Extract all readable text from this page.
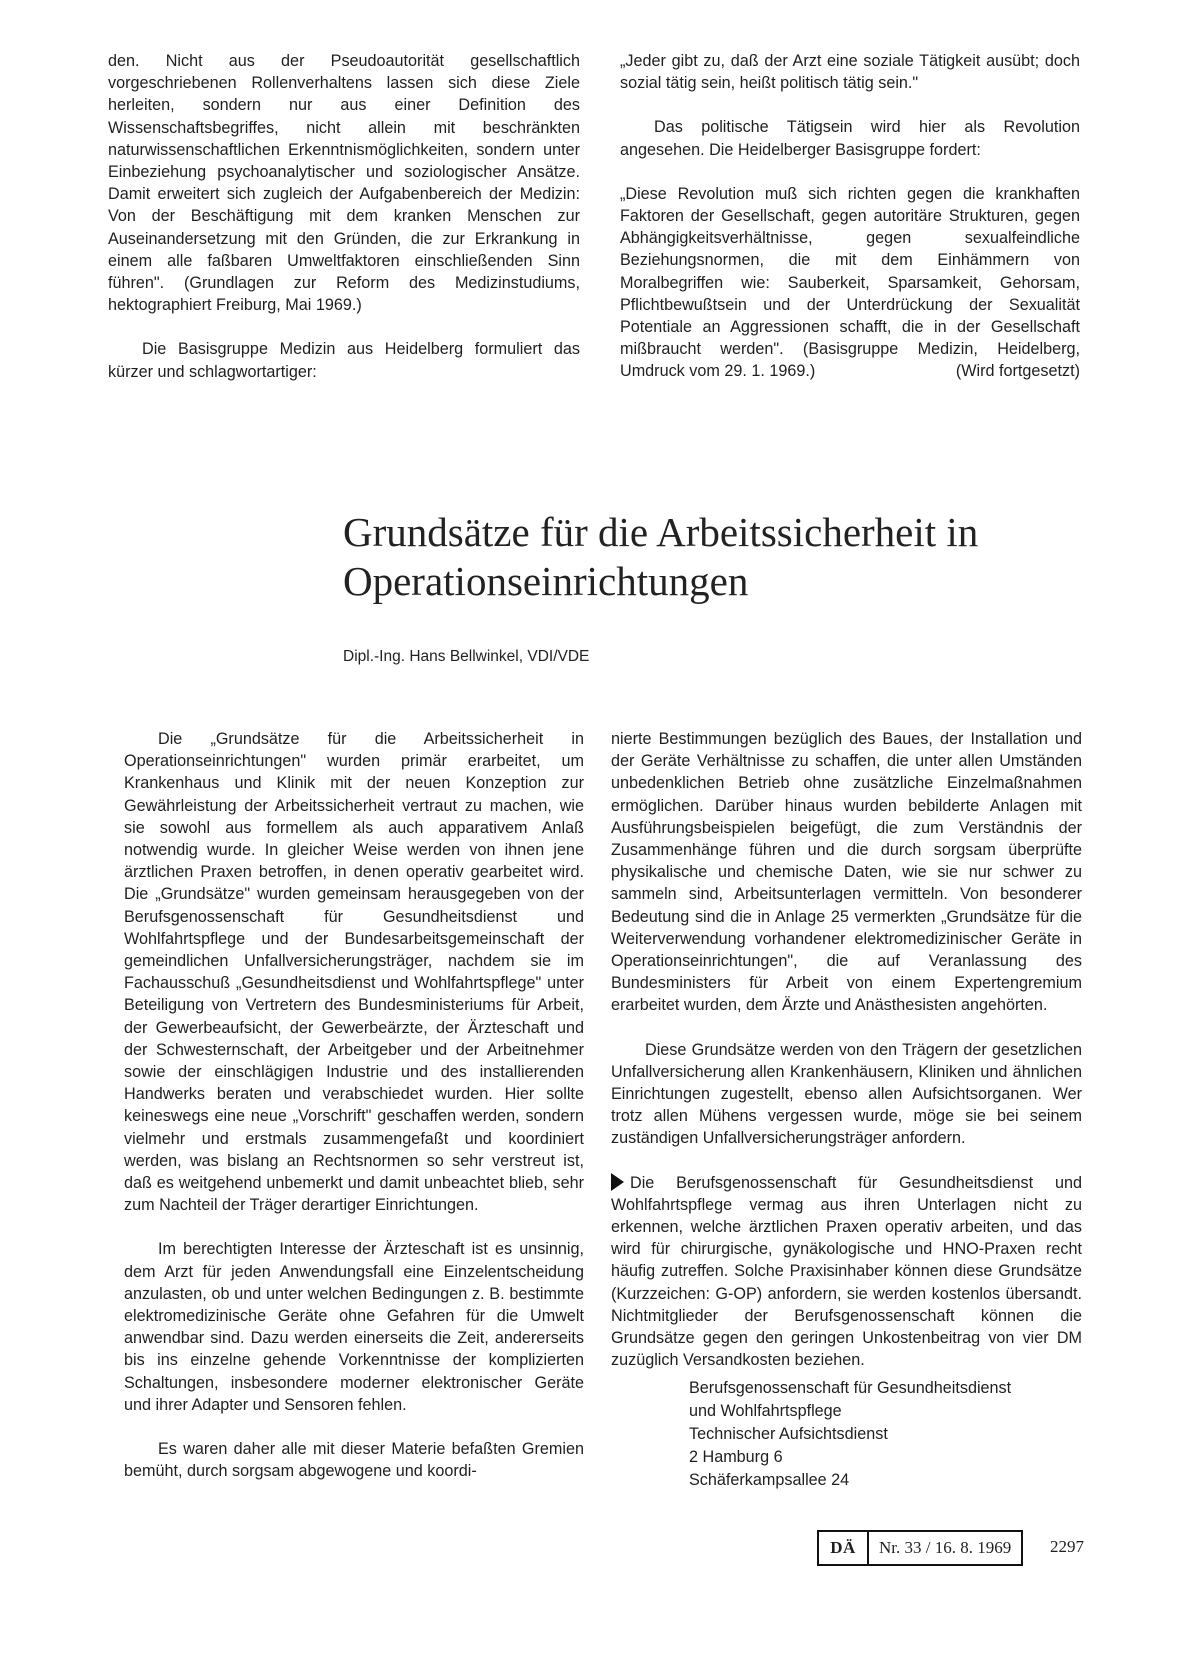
den. Nicht aus der Pseudoautorität gesellschaftlich vorgeschriebenen Rollenverhaltens lassen sich diese Ziele herleiten, sondern nur aus einer Definition des Wissenschaftsbegriffes, nicht allein mit beschränkten naturwissenschaftlichen Erkenntnismöglichkeiten, sondern unter Einbeziehung psychoanalytischer und soziologischer Ansätze. Damit erweitert sich zugleich der Aufgabenbereich der Medizin: Von der Beschäftigung mit dem kranken Menschen zur Auseinandersetzung mit den Gründen, die zur Erkrankung in einem alle faßbaren Umweltfaktoren einschließenden Sinn führen". (Grundlagen zur Reform des Medizinstudiums, hektographiert Freiburg, Mai 1969.)

Die Basisgruppe Medizin aus Heidelberg formuliert das kürzer und schlagwortartiger:

„Jeder gibt zu, daß der Arzt eine soziale Tätigkeit ausübt; doch sozial tätig sein, heißt politisch tätig sein."

Das politische Tätigsein wird hier als Revolution angesehen. Die Heidelberger Basisgruppe fordert:

„Diese Revolution muß sich richten gegen die krankhaften Faktoren der Gesellschaft, gegen autoritäre Strukturen, gegen Abhängigkeitsverhältnisse, gegen sexualfeindliche Beziehungsnormen, die mit dem Einhämmern von Moralbegriffen wie: Sauberkeit, Sparsamkeit, Gehorsam, Pflichtbewußtsein und der Unterdrückung der Sexualität Potentiale an Aggressionen schafft, die in der Gesellschaft mißbraucht werden". (Basisgruppe Medizin, Heidelberg, Umdruck vom 29. 1. 1969.)	(Wird fortgesetzt)

Grundsätze für die Arbeitssicherheit in Operationseinrichtungen
Dipl.-Ing. Hans Bellwinkel, VDI/VDE

Die „Grundsätze für die Arbeitssicherheit in Operationseinrichtungen" wurden primär erarbeitet, um Krankenhaus und Klinik mit der neuen Konzeption zur Gewährleistung der Arbeitssicherheit vertraut zu machen, wie sie sowohl aus formellem als auch apparativem Anlaß notwendig wurde. In gleicher Weise werden von ihnen jene ärztlichen Praxen betroffen, in denen operativ gearbeitet wird. Die „Grundsätze" wurden gemeinsam herausgegeben von der Berufsgenossenschaft für Gesundheitsdienst und Wohlfahrtspflege und der Bundesarbeitsgemeinschaft der gemeindlichen Unfallversicherungsträger, nachdem sie im Fachausschuß „Gesundheitsdienst und Wohlfahrtspflege" unter Beteiligung von Vertretern des Bundesministeriums für Arbeit, der Gewerbeaufsicht, der Gewerbeärzte, der Ärzteschaft und der Schwesternschaft, der Arbeitgeber und der Arbeitnehmer sowie der einschlägigen Industrie und des installierenden Handwerks beraten und verabschiedet wurden. Hier sollte keineswegs eine neue „Vorschrift" geschaffen werden, sondern vielmehr und erstmals zusammengefaßt und koordiniert werden, was bislang an Rechtsnormen so sehr verstreut ist, daß es weitgehend unbemerkt und damit unbeachtet blieb, sehr zum Nachteil der Träger derartiger Einrichtungen.

Im berechtigten Interesse der Ärzteschaft ist es unsinnig, dem Arzt für jeden Anwendungsfall eine Einzelentscheidung anzulasten, ob und unter welchen Bedingungen z. B. bestimmte elektromedizinische Geräte ohne Gefahren für die Umwelt anwendbar sind. Dazu werden einerseits die Zeit, andererseits bis ins einzelne gehende Vorkenntnisse der komplizierten Schaltungen, insbesondere moderner elektronischer Geräte und ihrer Adapter und Sensoren fehlen.

Es waren daher alle mit dieser Materie befaßten Gremien bemüht, durch sorgsam abgewogene und koordi-

nierte Bestimmungen bezüglich des Baues, der Installation und der Geräte Verhältnisse zu schaffen, die unter allen Umständen unbedenklichen Betrieb ohne zusätzliche Einzelmaßnahmen ermöglichen. Darüber hinaus wurden bebilderte Anlagen mit Ausführungsbeispielen beigefügt, die zum Verständnis der Zusammenhänge führen und die durch sorgsam überprüfte physikalische und chemische Daten, wie sie nur schwer zu sammeln sind, Arbeitsunterlagen vermitteln. Von besonderer Bedeutung sind die in Anlage 25 vermerkten „Grundsätze für die Weiterverwendung vorhandener elektromedizinischer Geräte in Operationseinrichtungen", die auf Veranlassung des Bundesministers für Arbeit von einem Expertengremium erarbeitet wurden, dem Ärzte und Anästhesisten angehörten.

Diese Grundsätze werden von den Trägern der gesetzlichen Unfallversicherung allen Krankenhäusern, Kliniken und ähnlichen Einrichtungen zugestellt, ebenso allen Aufsichtsorganen. Wer trotz allen Mühens vergessen wurde, möge sie bei seinem zuständigen Unfallversicherungsträger anfordern.

Die Berufsgenossenschaft für Gesundheitsdienst und Wohlfahrtspflege vermag aus ihren Unterlagen nicht zu erkennen, welche ärztlichen Praxen operativ arbeiten, und das wird für chirurgische, gynäkologische und HNO-Praxen recht häufig zutreffen. Solche Praxisinhaber können diese Grundsätze (Kurzzeichen: G-OP) anfordern, sie werden kostenlos übersandt. Nichtmitglieder der Berufsgenossenschaft können die Grundsätze gegen den geringen Unkostenbeitrag von vier DM zuzüglich Versandkosten beziehen.

Berufsgenossenschaft für Gesundheitsdienst
und Wohlfahrtspflege
Technischer Aufsichtsdienst
2 Hamburg 6
Schäferkampsallee 24
DÄ	Nr. 33 / 16. 8. 1969	2297
